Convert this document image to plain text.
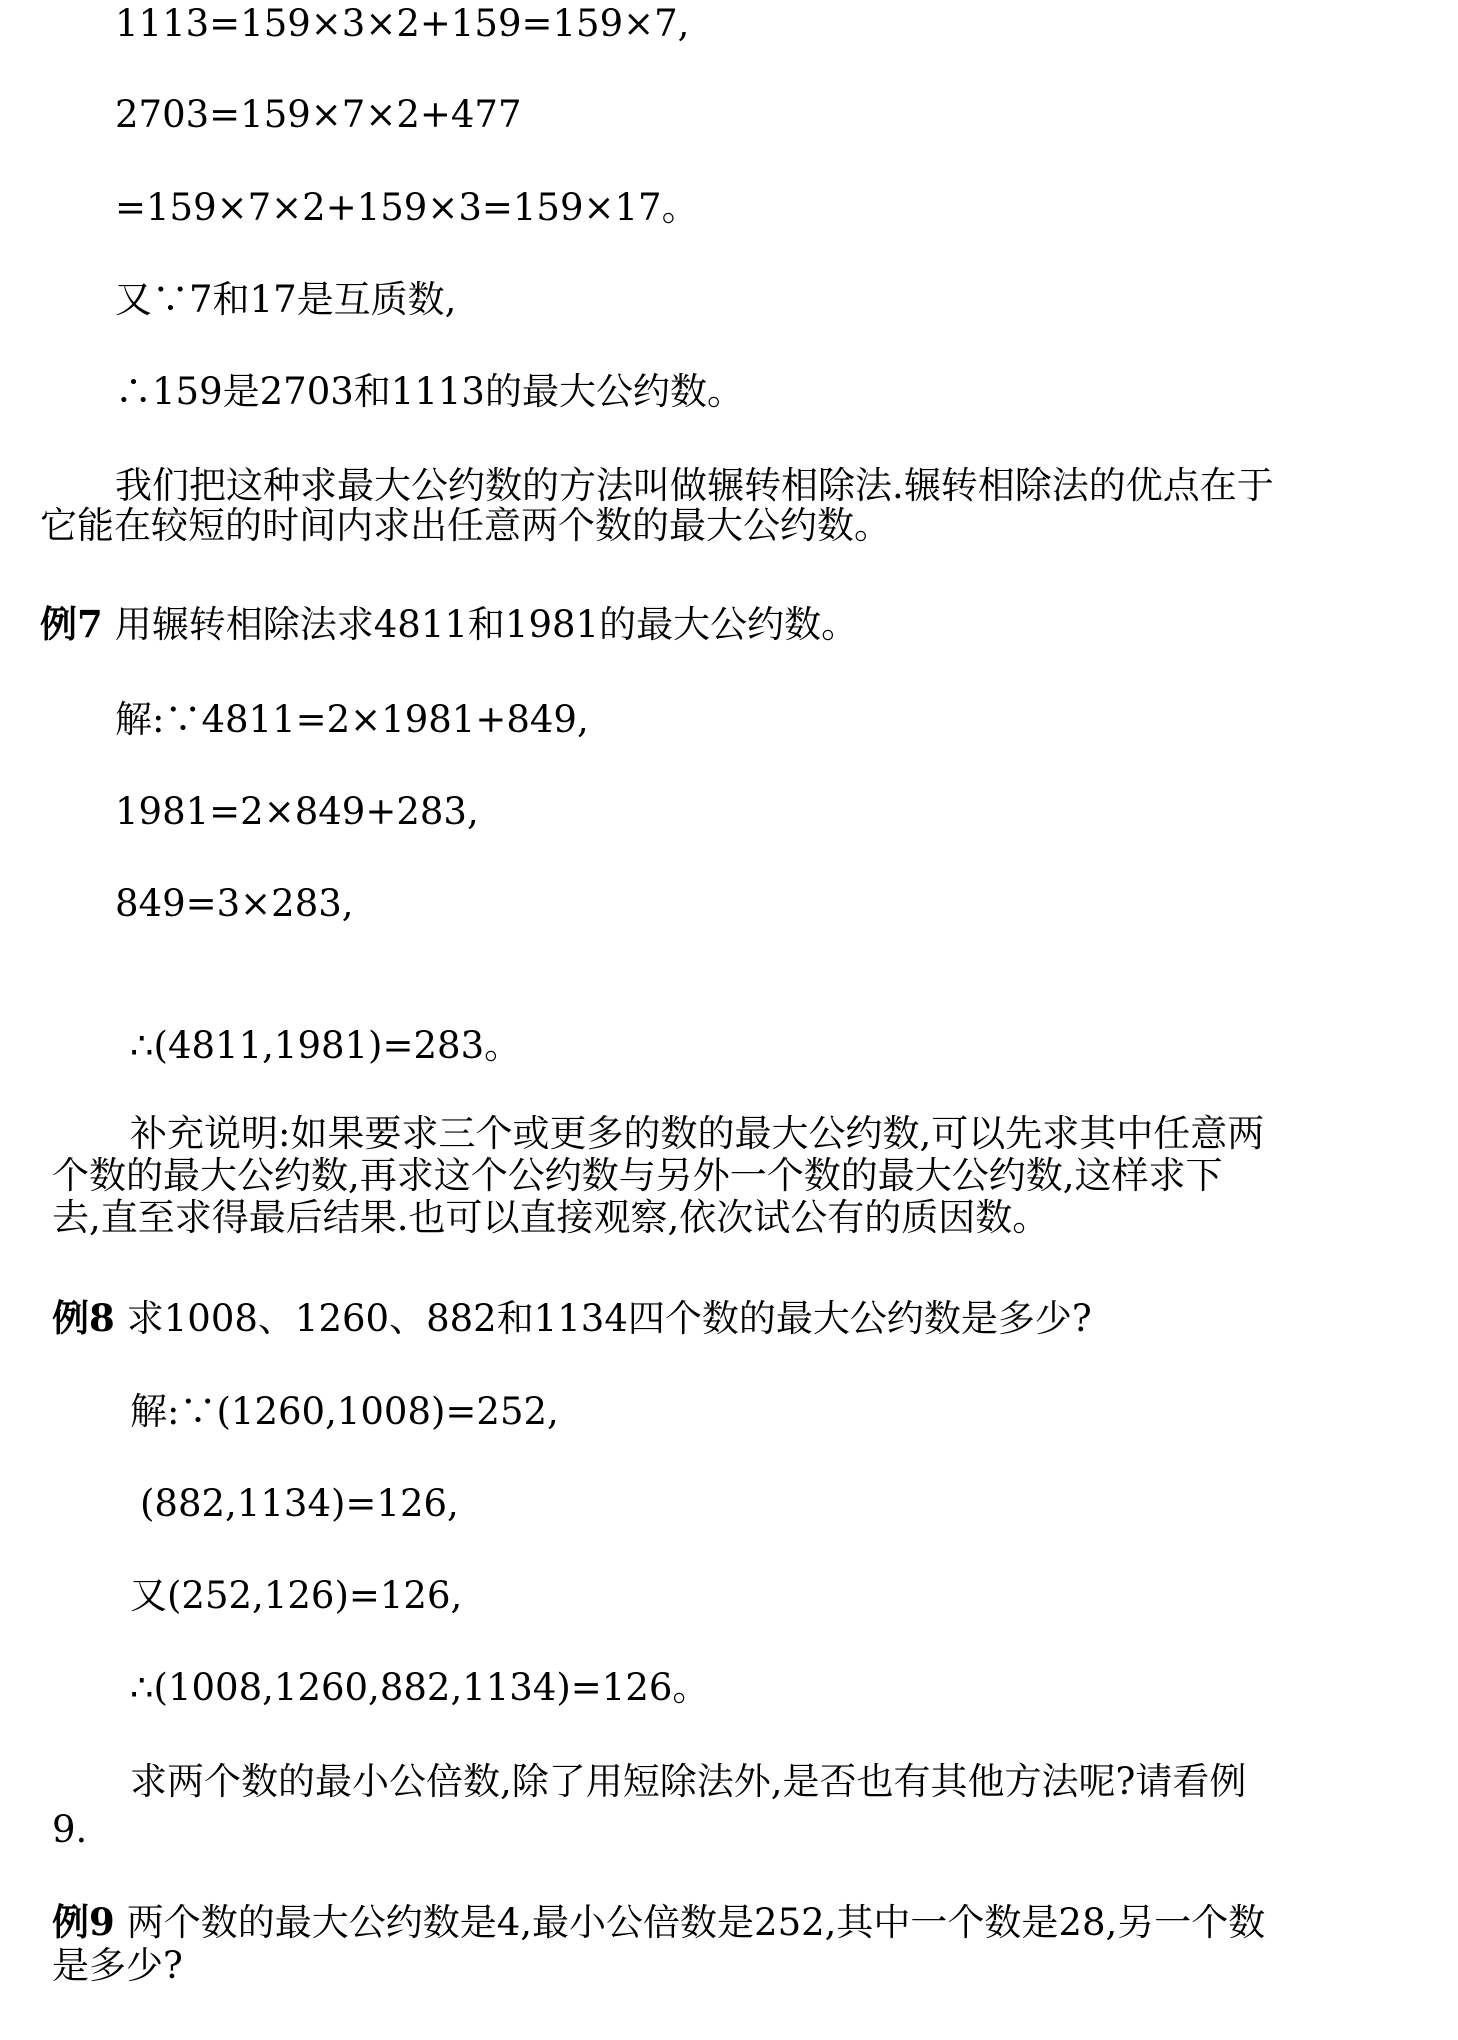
1113=159×3×2+159=159×7,
2703=159×7×2+477
=159×7×2+159×3=159×17。
又∵7和17是互质数,
∴159是2703和1113的最大公约数。
我们把这种求最大公约数的方法叫做辗转相除法.辗转相除法的优点在于
它能在较短的时间内求出任意两个数的最大公约数。
例7 用辗转相除法求4811和1981的最大公约数。
解:∵4811=2×1981+849,
1981=2×849+283,
849=3×283,
∴(4811,1981)=283。
补充说明:如果要求三个或更多的数的最大公约数,可以先求其中任意两
个数的最大公约数,再求这个公约数与另外一个数的最大公约数,这样求下
去,直至求得最后结果.也可以直接观察,依次试公有的质因数。
例8 求1008、1260、882和1134四个数的最大公约数是多少?
解:∵(1260,1008)=252,
(882,1134)=126,
又(252,126)=126,
∴(1008,1260,882,1134)=126。
求两个数的最小公倍数,除了用短除法外,是否也有其他方法呢?请看例
9.
例9 两个数的最大公约数是4,最小公倍数是252,其中一个数是28,另一个数
是多少?
